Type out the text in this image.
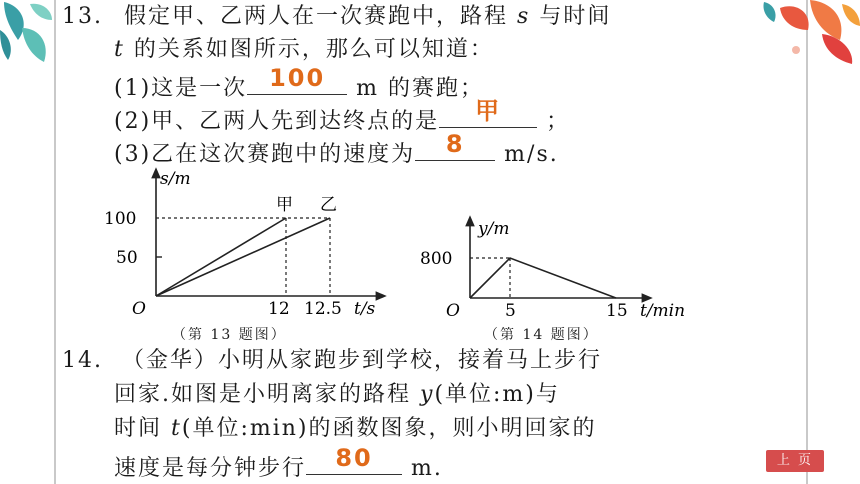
13. 假定甲、乙两人在一次赛跑中，路程 s 与时间
t 的关系如图所示，那么可以知道：
(1)这是一次 100	m 的赛跑；
(2)甲、乙两人先到达终点的是	甲	；
(3)乙在这次赛跑中的速度为	8	m/s.
s/m
t/s
O
100
50
12 12.5
甲 乙
（第 13 题图）
y/m
t/min
O
800
5	15
（第 14 题图）
14. （金华）小明从家跑步到学校，接着马上步行
回家.如图是小明离家的路程 y(单位:m)与
时间 t(单位:min)的函数图象，则小明回家的
速度是每分钟步行	80	m.	上 页
